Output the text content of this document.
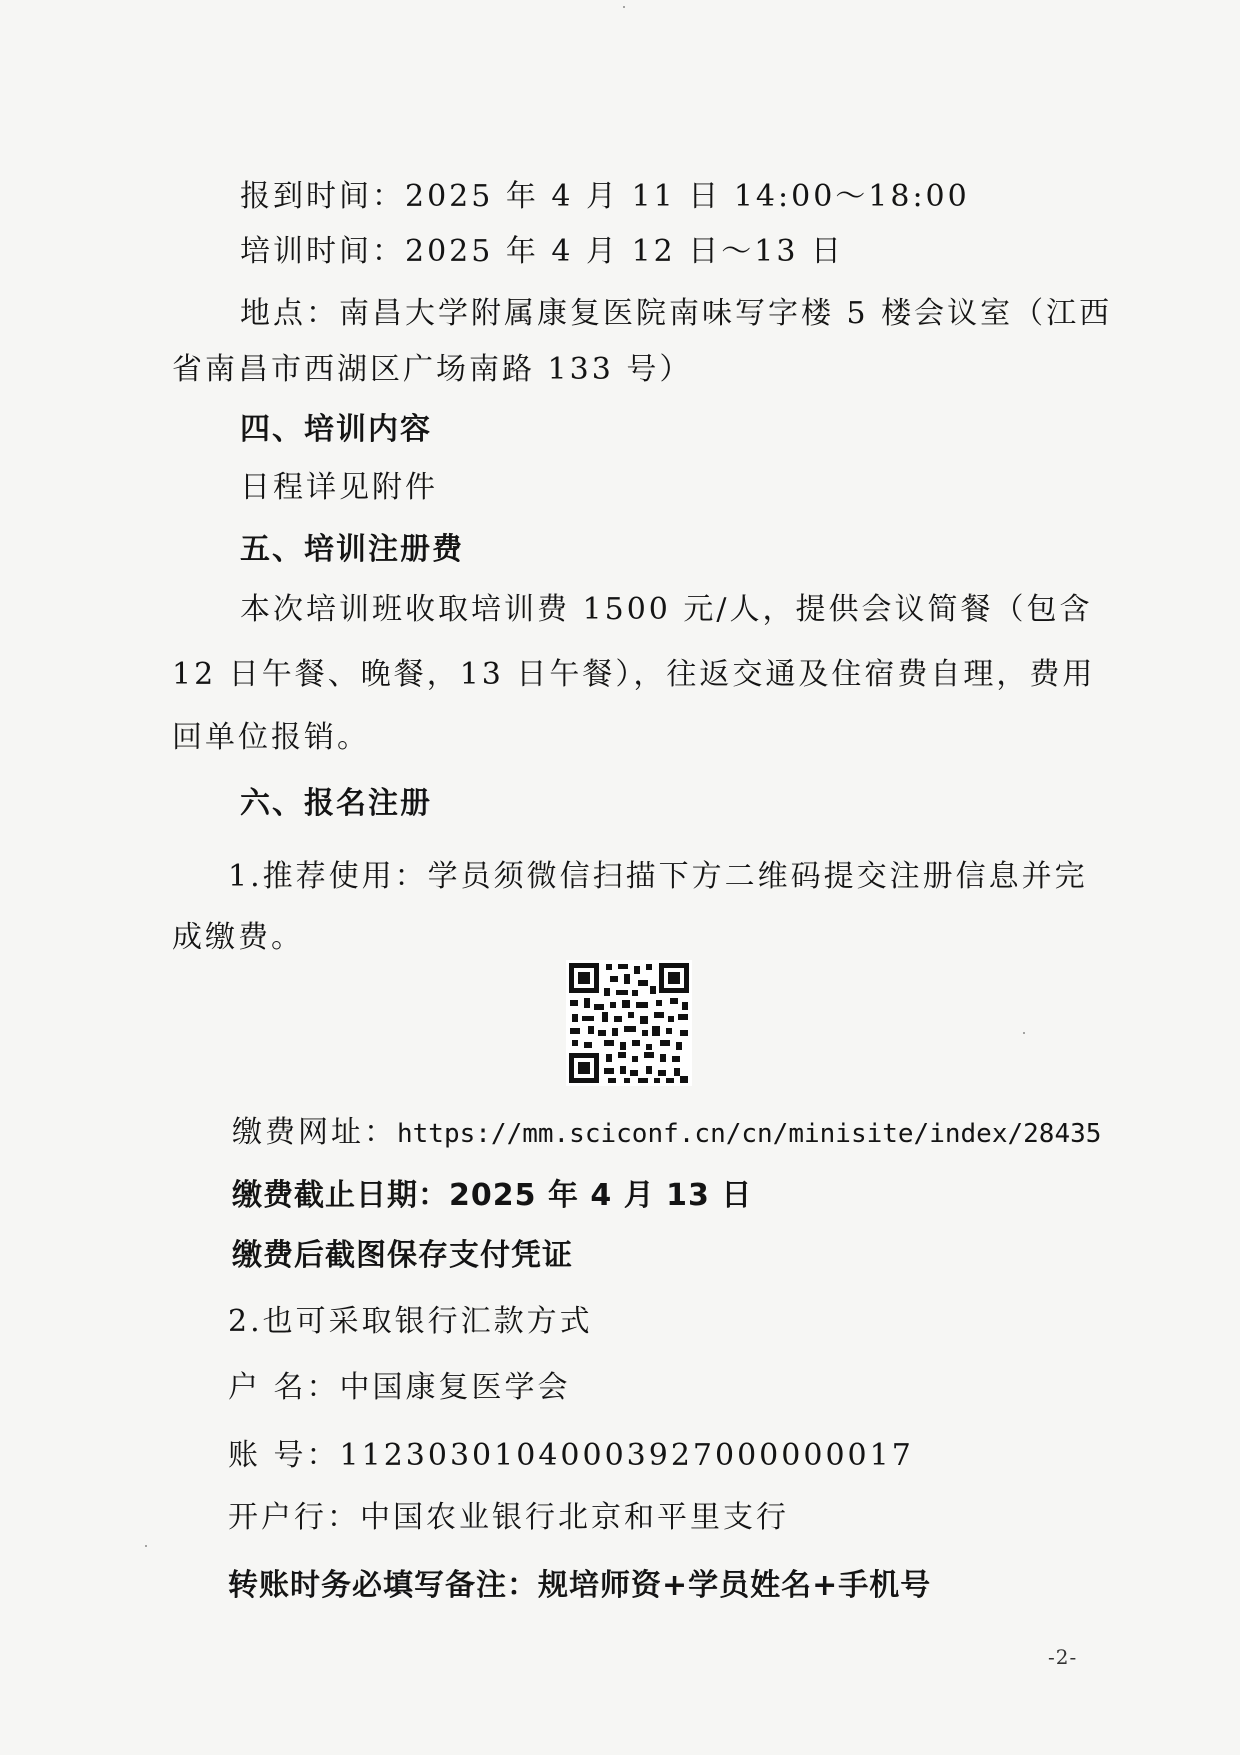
报到时间：2025 年 4 月 11 日 14:00～18:00
培训时间：2025 年 4 月 12 日～13 日
地点：南昌大学附属康复医院南味写字楼 5 楼会议室（江西
省南昌市西湖区广场南路 133 号）
四、培训内容
日程详见附件
五、培训注册费
本次培训班收取培训费 1500 元/人，提供会议简餐（包含
12 日午餐、晚餐，13 日午餐），往返交通及住宿费自理，费用
回单位报销。
六、报名注册
1.推荐使用：学员须微信扫描下方二维码提交注册信息并完
成缴费。
缴费网址：https://mm.sciconf.cn/cn/minisite/index/28435
缴费截止日期：2025 年 4 月 13 日
缴费后截图保存支付凭证
2.也可采取银行汇款方式
户 名：中国康复医学会
账 号：11230301040003927000000017
开户行：中国农业银行北京和平里支行
转账时务必填写备注：规培师资+学员姓名+手机号
-2-
